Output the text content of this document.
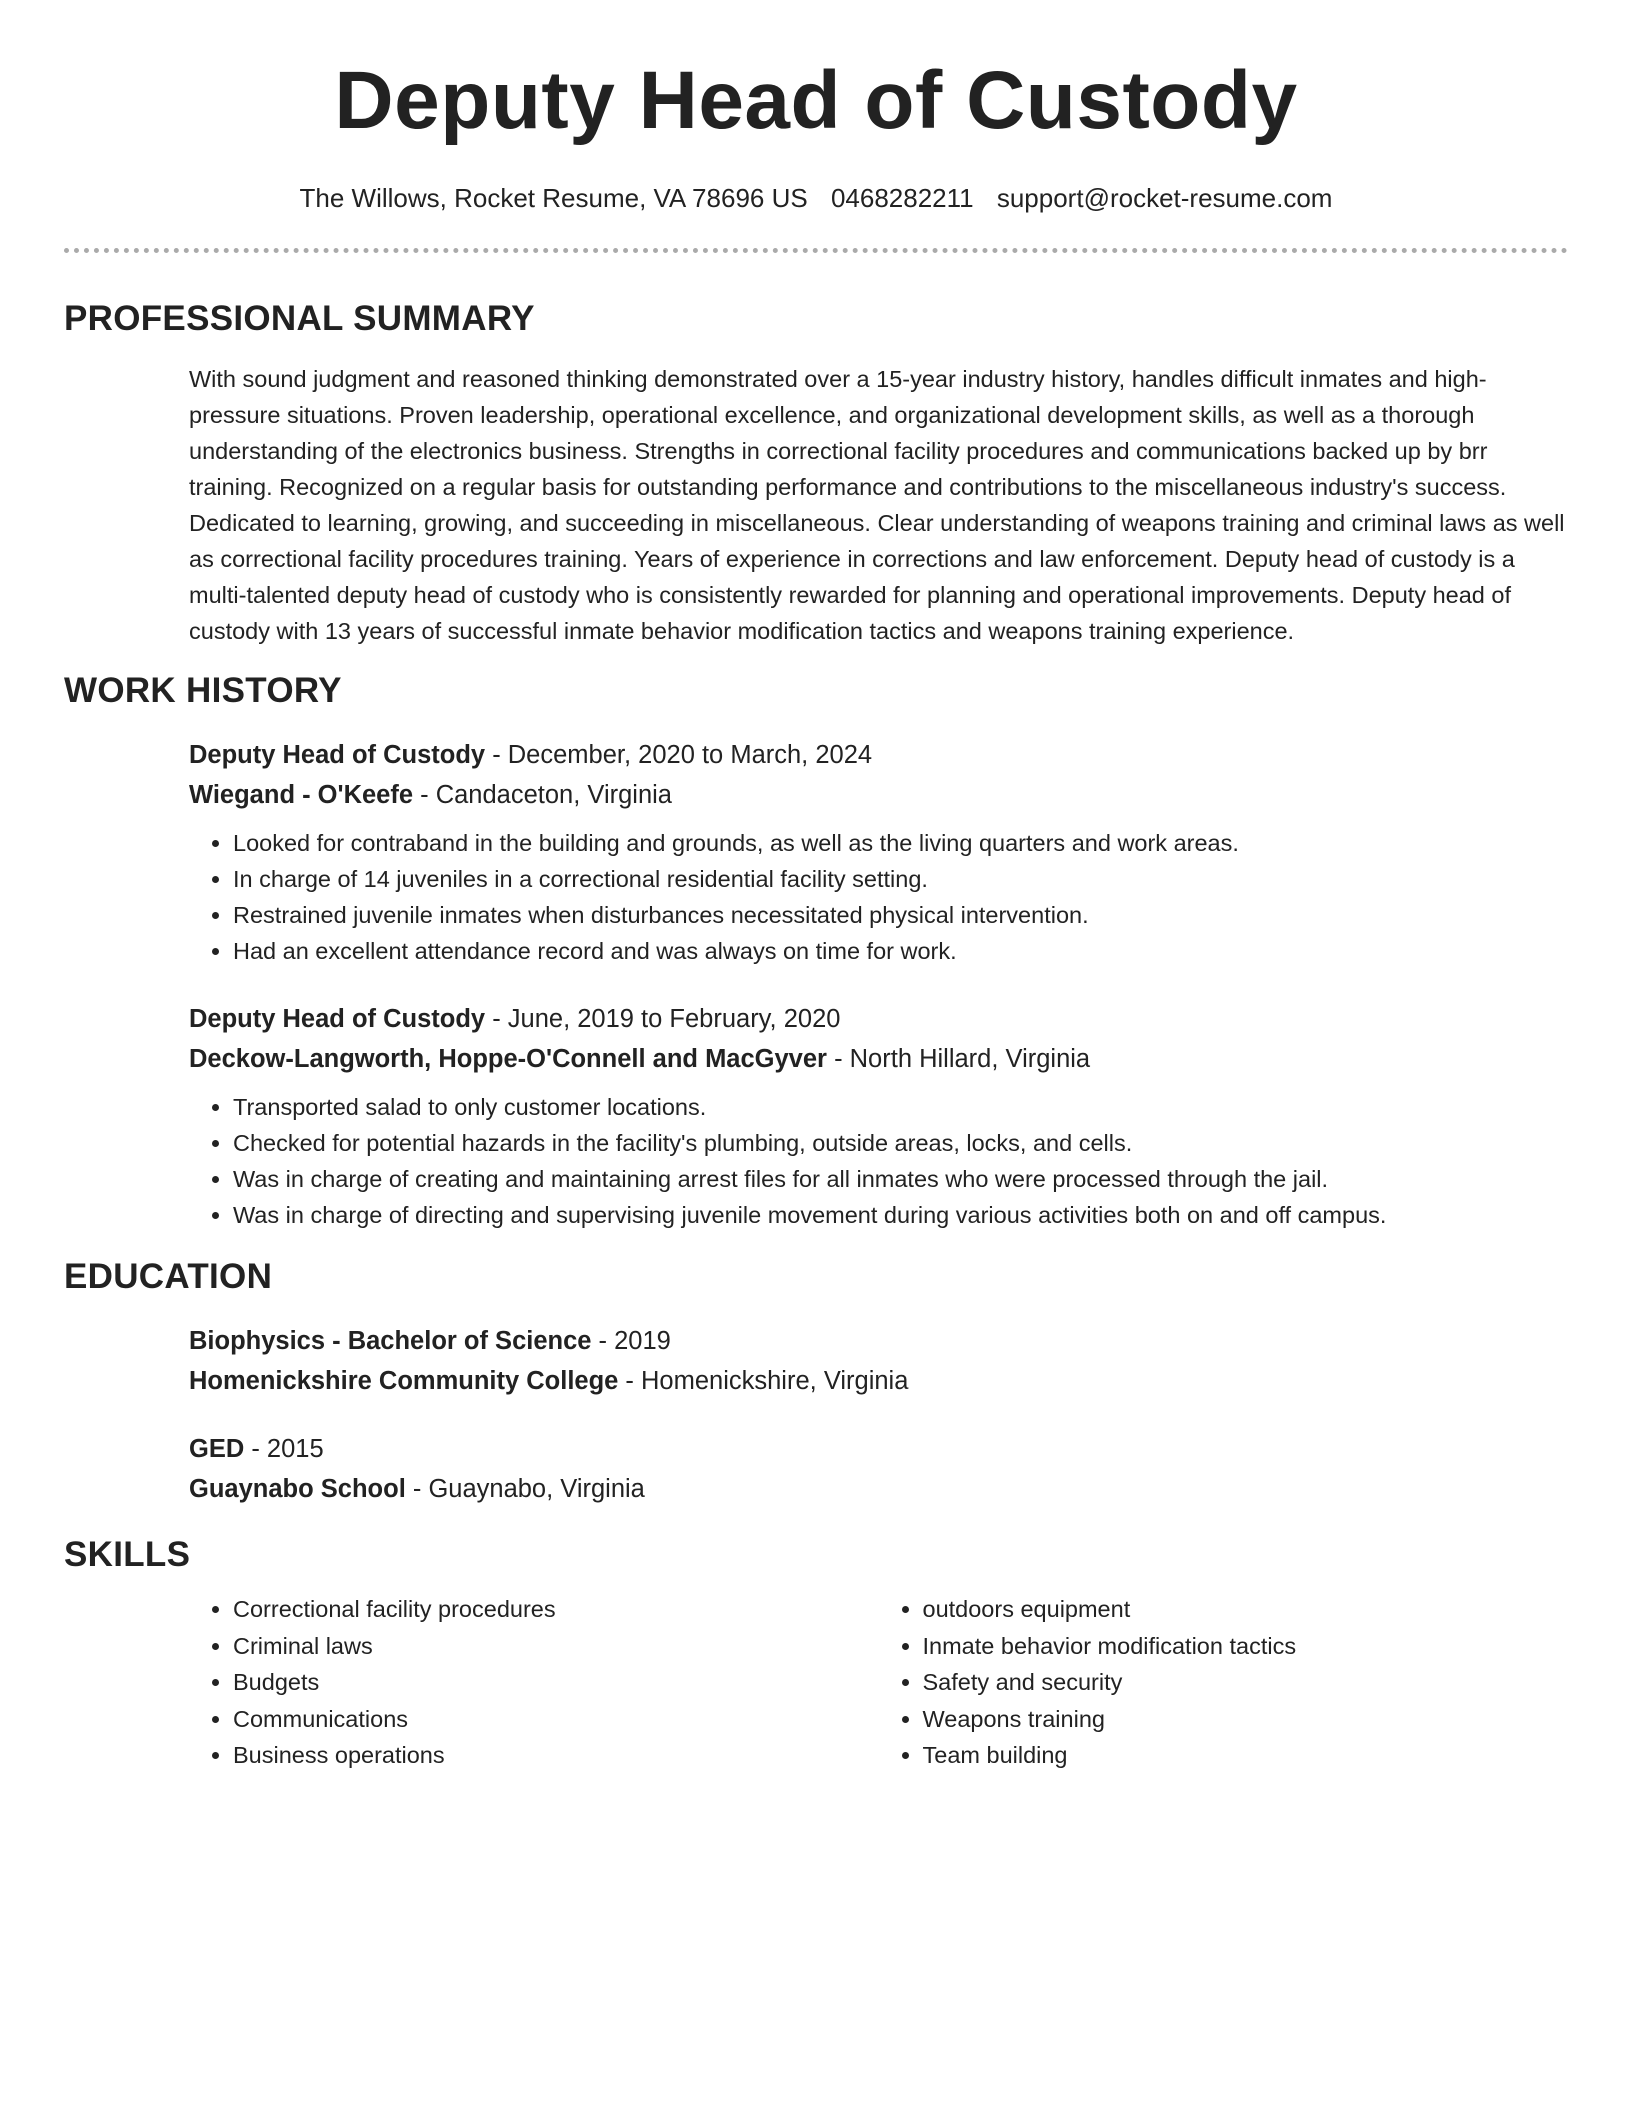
Deputy Head of Custody
The Willows, Rocket Resume, VA 78696 US 0468282211 support@rocket-resume.com
PROFESSIONAL SUMMARY

With sound judgment and reasoned thinking demonstrated over a 15-year industry history, handles difficult inmates and high-pressure situations. Proven leadership, operational excellence, and organizational development skills, as well as a thorough understanding of the electronics business. Strengths in correctional facility procedures and communications backed up by brr training. Recognized on a regular basis for outstanding performance and contributions to the miscellaneous industry's success. Dedicated to learning, growing, and succeeding in miscellaneous. Clear understanding of weapons training and criminal laws as well as correctional facility procedures training. Years of experience in corrections and law enforcement. Deputy head of custody is a multi-talented deputy head of custody who is consistently rewarded for planning and operational improvements. Deputy head of custody with 13 years of successful inmate behavior modification tactics and weapons training experience.

WORK HISTORY
Deputy Head of Custody - December, 2020 to March, 2024
Wiegand - O'Keefe - Candaceton, Virginia
• Looked for contraband in the building and grounds, as well as the living quarters and work areas.
• In charge of 14 juveniles in a correctional residential facility setting.
• Restrained juvenile inmates when disturbances necessitated physical intervention.
• Had an excellent attendance record and was always on time for work.
Deputy Head of Custody - June, 2019 to February, 2020
Deckow-Langworth, Hoppe-O'Connell and MacGyver - North Hillard, Virginia
• Transported salad to only customer locations.
• Checked for potential hazards in the facility's plumbing, outside areas, locks, and cells.
• Was in charge of creating and maintaining arrest files for all inmates who were processed through the jail.
• Was in charge of directing and supervising juvenile movement during various activities both on and off campus.
EDUCATION
Biophysics - Bachelor of Science - 2019
Homenickshire Community College - Homenickshire, Virginia
GED - 2015
Guaynabo School - Guaynabo, Virginia
SKILLS
• Correctional facility procedures
• Criminal laws
• Budgets
• Communications
• Business operations
• outdoors equipment
• Inmate behavior modification tactics
• Safety and security
• Weapons training
• Team building
